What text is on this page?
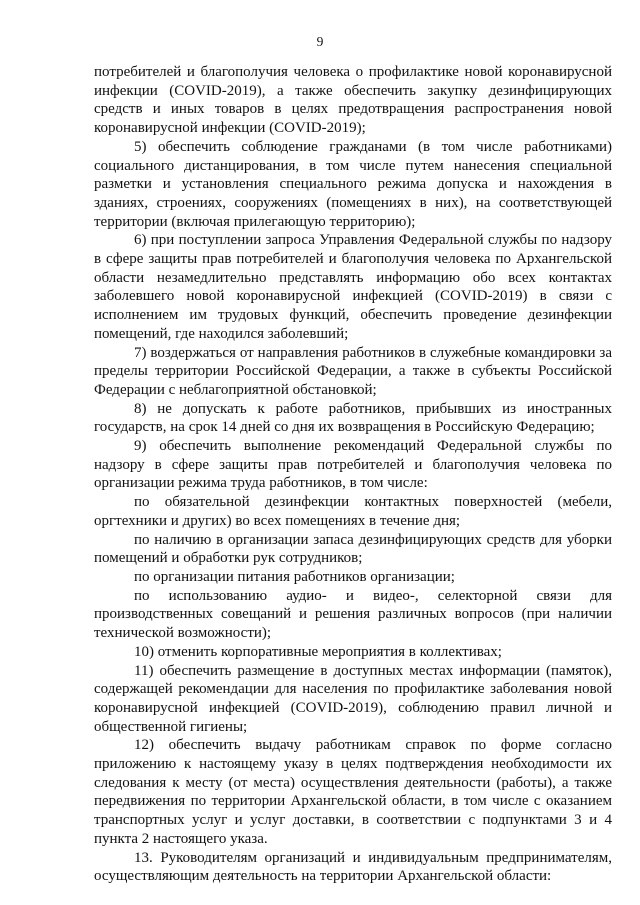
9

потребителей и благополучия человека о профилактике новой коронавирусной инфекции (COVID-2019), а также обеспечить закупку дезинфицирующих средств и иных товаров в целях предотвращения распространения новой коронавирусной инфекции (COVID-2019);

5) обеспечить соблюдение гражданами (в том числе работниками) социального дистанцирования, в том числе путем нанесения специальной разметки и установления специального режима допуска и нахождения в зданиях, строениях, сооружениях (помещениях в них), на соответствующей территории (включая прилегающую территорию);

6) при поступлении запроса Управления Федеральной службы по надзору в сфере защиты прав потребителей и благополучия человека по Архангельской области незамедлительно представлять информацию обо всех контактах заболевшего новой коронавирусной инфекцией (COVID-2019) в связи с исполнением им трудовых функций, обеспечить проведение дезинфекции помещений, где находился заболевший;

7) воздержаться от направления работников в служебные командировки за пределы территории Российской Федерации, а также в субъекты Российской Федерации с неблагоприятной обстановкой;

8) не допускать к работе работников, прибывших из иностранных государств, на срок 14 дней со дня их возвращения в Российскую Федерацию;

9) обеспечить выполнение рекомендаций Федеральной службы по надзору в сфере защиты прав потребителей и благополучия человека по организации режима труда работников, в том числе:

по обязательной дезинфекции контактных поверхностей (мебели, оргтехники и других) во всех помещениях в течение дня;

по наличию в организации запаса дезинфицирующих средств для уборки помещений и обработки рук сотрудников;

по организации питания работников организации;

по использованию аудио- и видео-, селекторной связи для производственных совещаний и решения различных вопросов (при наличии технической возможности);

10) отменить корпоративные мероприятия в коллективах;

11) обеспечить размещение в доступных местах информации (памяток), содержащей рекомендации для населения по профилактике заболевания новой коронавирусной инфекцией (COVID-2019), соблюдению правил личной и общественной гигиены;

12) обеспечить выдачу работникам справок по форме согласно приложению к настоящему указу в целях подтверждения необходимости их следования к месту (от места) осуществления деятельности (работы), а также передвижения по территории Архангельской области, в том числе с оказанием транспортных услуг и услуг доставки, в соответствии с подпунктами 3 и 4 пункта 2 настоящего указа.

13. Руководителям организаций и индивидуальным предпринимателям, осуществляющим деятельность на территории Архангельской области:
